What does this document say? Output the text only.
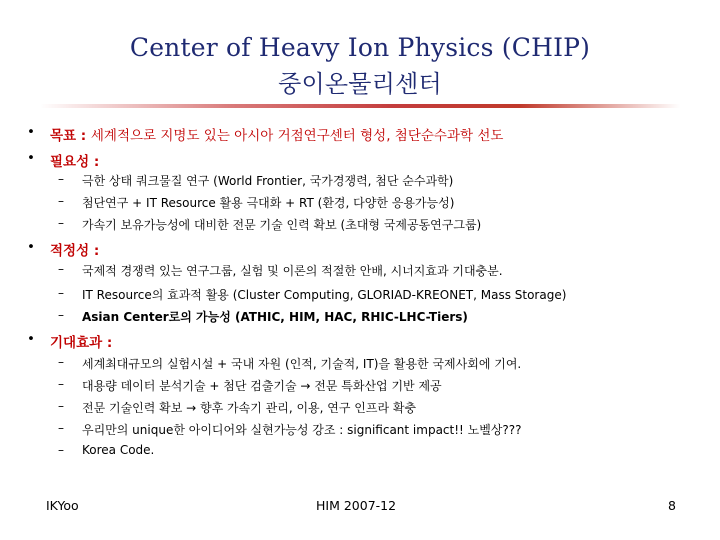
Center of Heavy Ion Physics (CHIP)
중이온물리센터
• 목표 : 세계적으로 지명도 있는 아시아 거점연구센터 형성, 첨단순수과학 선도
• 필요성 :
– 극한 상태 쿼크물질 연구 (World Frontier, 국가경쟁력, 첨단 순수과학)
– 첨단연구 + IT Resource 활용 극대화 + RT (환경, 다양한 응용가능성)
– 가속기 보유가능성에 대비한 전문 기술 인력 확보 (초대형 국제공동연구그룹)
• 적정성 :
– 국제적 경쟁력 있는 연구그룹, 실험 및 이론의 적절한 안배, 시너지효과 기대충분.
– IT Resource의 효과적 활용 (Cluster Computing, GLORIAD-KREONET, Mass Storage)
– Asian Center로의 가능성 (ATHIC, HIM, HAC, RHIC-LHC-Tiers)
• 기대효과 :
– 세계최대규모의 실험시설 + 국내 자원 (인적, 기술적, IT)을 활용한 국제사회에 기여.
– 대용량 데이터 분석기술 + 첨단 검출기술 → 전문 특화산업 기반 제공
– 전문 기술인력 확보 → 향후 가속기 관리, 이용, 연구 인프라 확충
– 우리만의 unique한 아이디어와 실현가능성 강조 : significant impact!! 노벨상???
– Korea Code.
IKYoo	HIM 2007-12	8
